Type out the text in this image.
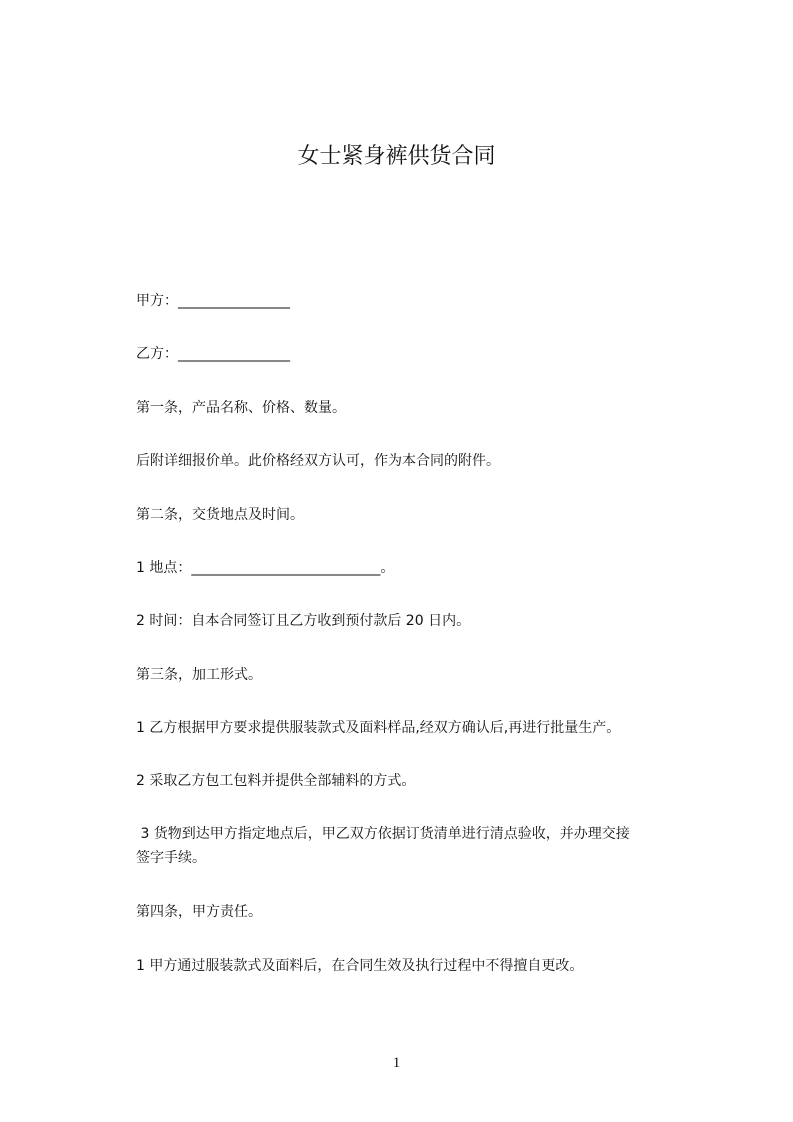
女士紧身裤供货合同
甲方：________________
乙方：________________
第一条，产品名称、价格、数量。
后附详细报价单。此价格经双方认可，作为本合同的附件。
第二条，交货地点及时间。
1 地点：___________________________。
2 时间：自本合同签订且乙方收到预付款后 20 日内。
第三条，加工形式。
1 乙方根据甲方要求提供服装款式及面料样品,经双方确认后,再进行批量生产。
2 采取乙方包工包料并提供全部辅料的方式。
3 货物到达甲方指定地点后，甲乙双方依据订货清单进行清点验收，并办理交接
签字手续。
第四条，甲方责任。
1 甲方通过服装款式及面料后，在合同生效及执行过程中不得擅自更改。
1
